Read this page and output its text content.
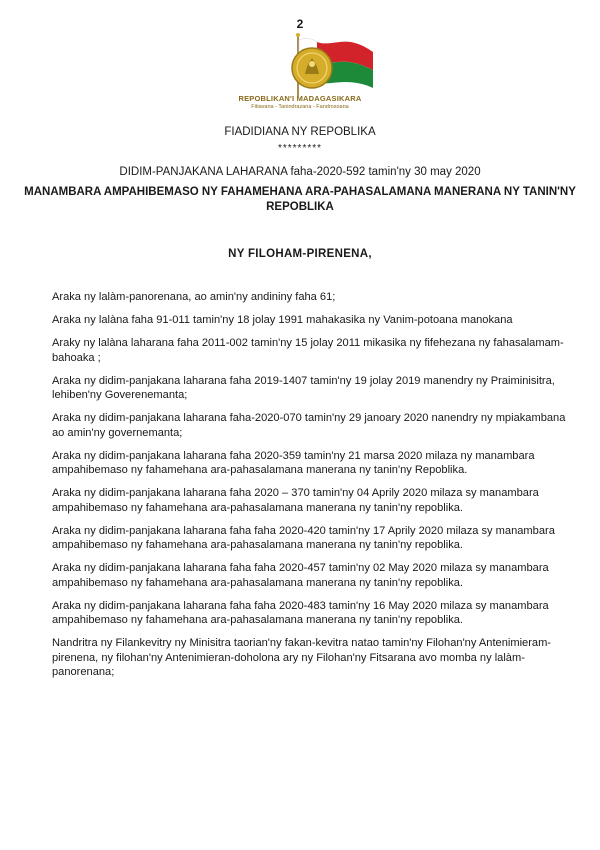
2
REPOBLIKAN'I MADAGASIKARA
Fitiavana - Tanindrazana - Fandrosoana
FIADIDIANA NY REPOBLIKA
*********
DIDIM-PANJAKANA LAHARANA faha-2020-592 tamin'ny 30 may 2020
MANAMBARA AMPAHIBEMASO NY FAHAMEHANA ARA-PAHASALAMANA MANERANA NY TANIN'NY REPOBLIKA
NY FILOHAM-PIRENENA,
Araka ny lalàm-panorenana, ao amin'ny andininy faha 61;
Araka ny lalàna faha 91-011 tamin'ny 18 jolay 1991 mahakasika ny Vanim-potoana manokana
Araky ny lalàna laharana faha 2011-002 tamin'ny 15 jolay 2011 mikasika ny fifehezana ny fahasalamam-bahoaka ;
Araka ny didim-panjakana laharana faha 2019-1407 tamin'ny 19 jolay 2019 manendry ny Praiminisitra, lehiben'ny Goverenemanta;
Araka ny didim-panjakana laharana faha-2020-070 tamin'ny 29 janoary 2020 nanendry ny mpiakambana ao amin'ny governemanta;
Araka ny didim-panjakana laharana faha 2020-359 tamin'ny 21 marsa 2020 milaza ny manambara ampahibemaso ny fahamehana ara-pahasalamana manerana ny tanin'ny Repoblika.
Araka ny didim-panjakana laharana faha 2020 – 370 tamin'ny 04 Aprily 2020 milaza sy manambara ampahibemaso ny fahamehana ara-pahasalamana manerana ny tanin'ny repoblika.
Araka ny didim-panjakana laharana faha faha 2020-420 tamin'ny 17 Aprily 2020 milaza sy manambara ampahibemaso ny fahamehana ara-pahasalamana manerana ny tanin'ny repoblika.
Araka ny didim-panjakana laharana faha faha 2020-457 tamin'ny 02 May 2020 milaza sy manambara ampahibemaso ny fahamehana ara-pahasalamana manerana ny tanin'ny repoblika.
Araka ny didim-panjakana laharana faha faha 2020-483 tamin'ny 16 May 2020 milaza sy manambara ampahibemaso ny fahamehana ara-pahasalamana manerana ny tanin'ny repoblika.
Nandritra ny Filankevitry ny Minisitra taorian'ny fakan-kevitra natao tamin'ny Filohan'ny Antenimieram-pirenena, ny filohan'ny Antenimieran-doholona ary ny Filohan'ny Fitsarana avo momba ny lalàm-panorenana;
